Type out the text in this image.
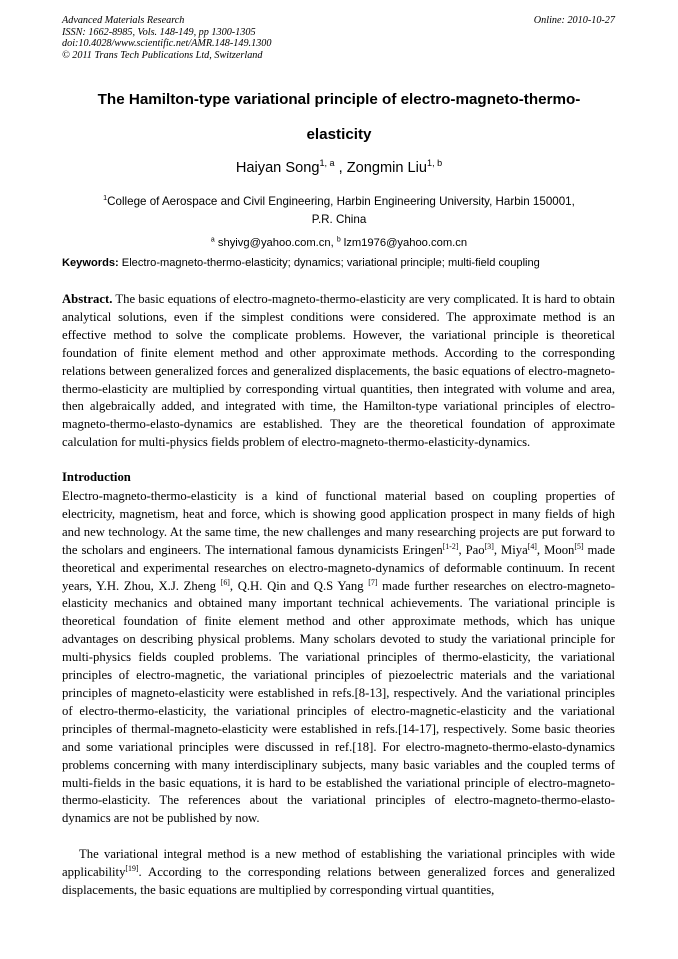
Advanced Materials Research
ISSN: 1662-8985, Vols. 148-149, pp 1300-1305
doi:10.4028/www.scientific.net/AMR.148-149.1300
© 2011 Trans Tech Publications Ltd, Switzerland
Online: 2010-10-27
The Hamilton-type variational principle of electro-magneto-thermo-
elasticity
Haiyan Song$^{1, a}$ , Zongmin Liu$^{1, b}$
$^1$College of Aerospace and Civil Engineering, Harbin Engineering University, Harbin 150001,
P.R. China
$^a$ shyivg@yahoo.com.cn, $^b$ lzm1976@yahoo.com.cn
Keywords: Electro-magneto-thermo-elasticity; dynamics; variational principle; multi-field coupling
Abstract. The basic equations of electro-magneto-thermo-elasticity are very complicated. It is hard to obtain analytical solutions, even if the simplest conditions were considered. The approximate method is an effective method to solve the complicate problems. However, the variational principle is theoretical foundation of finite element method and other approximate methods. According to the corresponding relations between generalized forces and generalized displacements, the basic equations of electro-magneto-thermo-elasticity are multiplied by corresponding virtual quantities, then integrated with volume and area, then algebraically added, and integrated with time, the Hamilton-type variational principles of electro-magneto-thermo-elasto-dynamics are established. They are the theoretical foundation of approximate calculation for multi-physics fields problem of electro-magneto-thermo-elasticity-dynamics.
Introduction
Electro-magneto-thermo-elasticity is a kind of functional material based on coupling properties of electricity, magnetism, heat and force, which is showing good application prospect in many fields of high and new technology. At the same time, the new challenges and many researching projects are put forward to the scholars and engineers. The international famous dynamicists Eringen[1-2], Pao[3], Miya[4], Moon[5] made theoretical and experimental researches on electro-magneto-dynamics of deformable continuum. In recent years, Y.H. Zhou, X.J. Zheng [6], Q.H. Qin and Q.S Yang [7] made further researches on electro-magneto-elasticity mechanics and obtained many important technical achievements. The variational principle is theoretical foundation of finite element method and other approximate methods, which has unique advantages on describing physical problems. Many scholars devoted to study the variational principle for multi-physics fields coupled problems. The variational principles of thermo-elasticity, the variational principles of electro-magnetic, the variational principles of piezoelectric materials and the variational principles of magneto-elasticity were established in refs.[8-13], respectively. And the variational principles of electro-thermo-elasticity, the variational principles of electro-magnetic-elasticity and the variational principles of thermal-magneto-elasticity were established in refs.[14-17], respectively. Some basic theories and some variational principles were discussed in ref.[18]. For electro-magneto-thermo-elasto-dynamics problems concerning with many interdisciplinary subjects, many basic variables and the coupled terms of multi-fields in the basic equations, it is hard to be established the variational principle of electro-magneto-thermo-elasticity. The references about the variational principles of electro-magneto-thermo-elasto-dynamics are not be published by now.
The variational integral method is a new method of establishing the variational principles with wide applicability[19]. According to the corresponding relations between generalized forces and generalized displacements, the basic equations are multiplied by corresponding virtual quantities,
